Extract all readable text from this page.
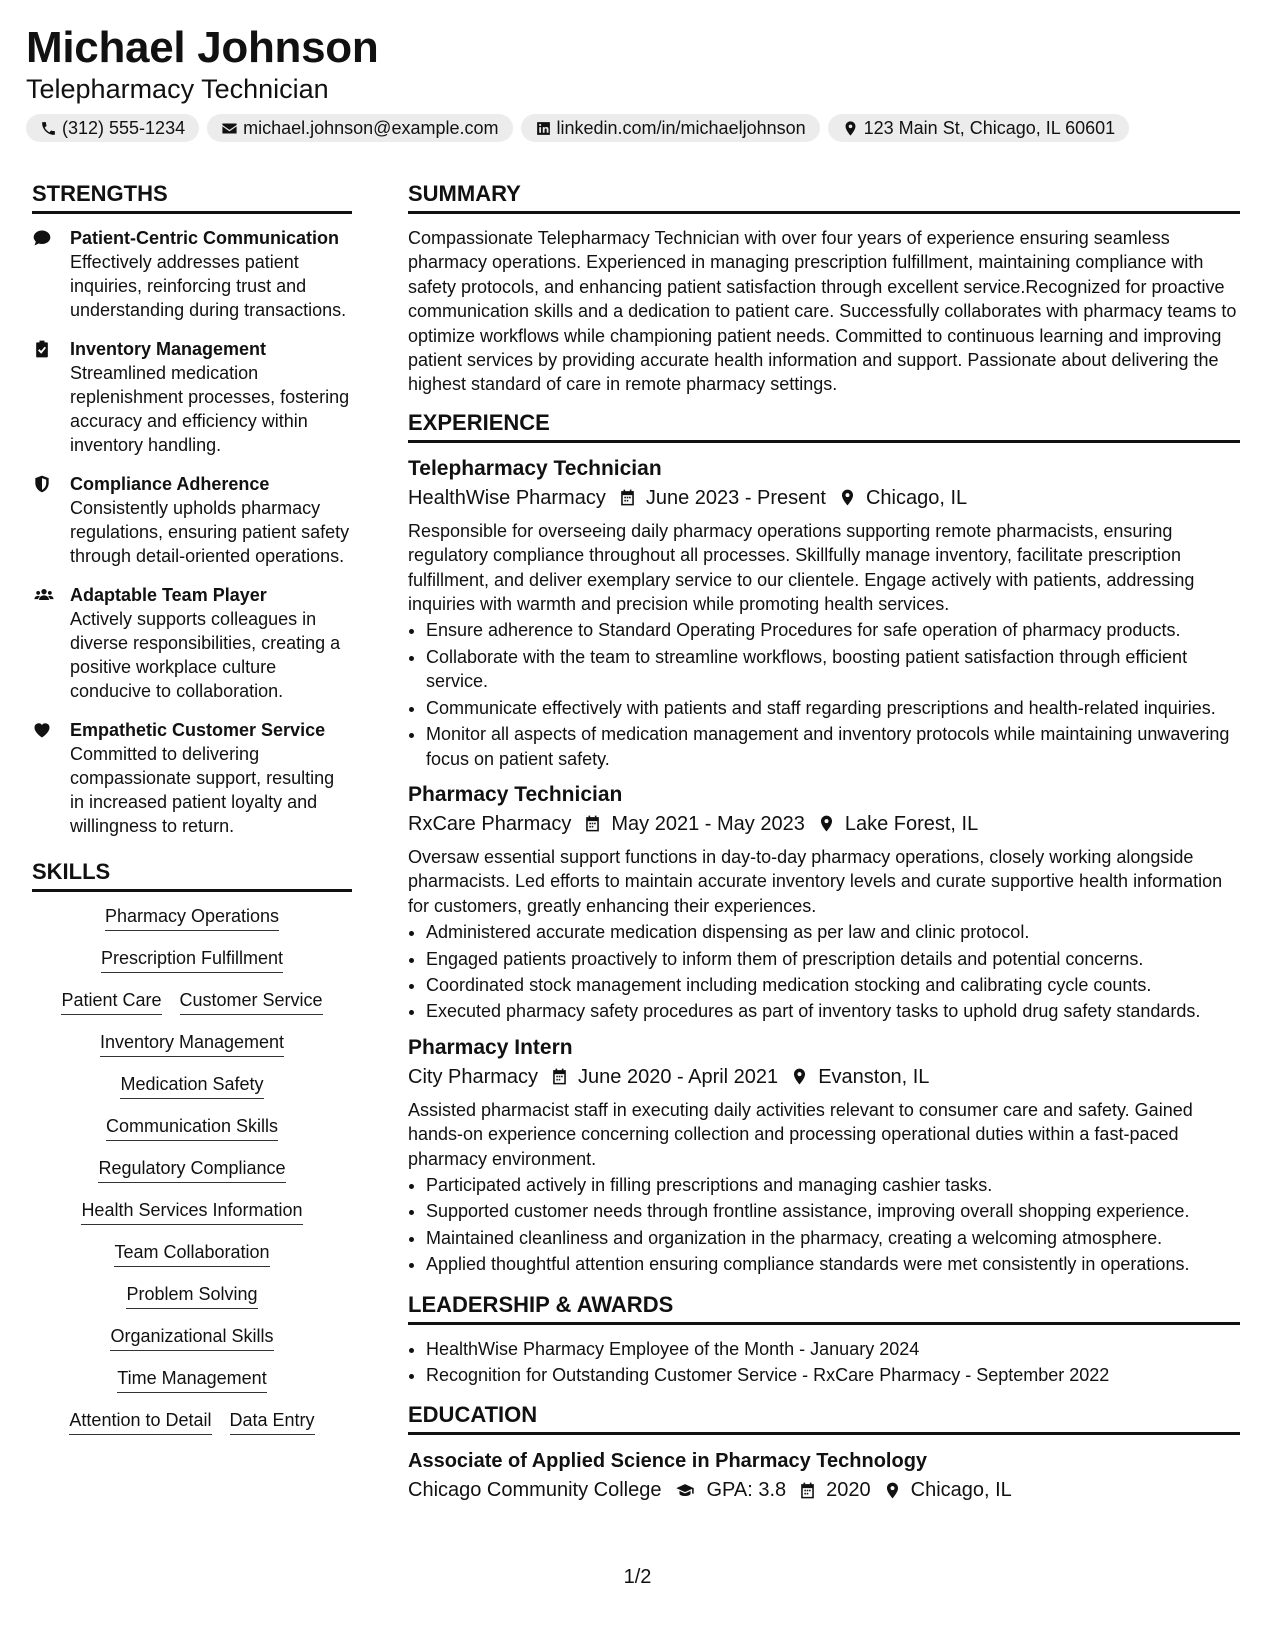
Michael Johnson
Telepharmacy Technician
(312) 555-1234	michael.johnson@example.com	linkedin.com/in/michaeljohnson	123 Main St, Chicago, IL 60601
STRENGTHS
Patient-Centric Communication
Effectively addresses patient inquiries, reinforcing trust and understanding during transactions.
Inventory Management
Streamlined medication replenishment processes, fostering accuracy and efficiency within inventory handling.
Compliance Adherence
Consistently upholds pharmacy regulations, ensuring patient safety through detail-oriented operations.
Adaptable Team Player
Actively supports colleagues in diverse responsibilities, creating a positive workplace culture conducive to collaboration.
Empathetic Customer Service
Committed to delivering compassionate support, resulting in increased patient loyalty and willingness to return.
SKILLS
Pharmacy Operations
Prescription Fulfillment
Patient Care Customer Service
Inventory Management
Medication Safety
Communication Skills
Regulatory Compliance
Health Services Information
Team Collaboration
Problem Solving
Organizational Skills
Time Management
Attention to Detail Data Entry
SUMMARY

Compassionate Telepharmacy Technician with over four years of experience ensuring seamless pharmacy operations. Experienced in managing prescription fulfillment, maintaining compliance with safety protocols, and enhancing patient satisfaction through excellent service.Recognized for proactive communication skills and a dedication to patient care. Successfully collaborates with pharmacy teams to optimize workflows while championing patient needs. Committed to continuous learning and improving patient services by providing accurate health information and support. Passionate about delivering the highest standard of care in remote pharmacy settings.

EXPERIENCE
Telepharmacy Technician
HealthWise Pharmacy June 2023 - Present Chicago, IL

Responsible for overseeing daily pharmacy operations supporting remote pharmacists, ensuring regulatory compliance throughout all processes. Skillfully manage inventory, facilitate prescription fulfillment, and deliver exemplary service to our clientele. Engage actively with patients, addressing inquiries with warmth and precision while promoting health services.

• Ensure adherence to Standard Operating Procedures for safe operation of pharmacy products.
• Collaborate with the team to streamline workflows, boosting patient satisfaction through efficient service.
• Communicate effectively with patients and staff regarding prescriptions and health-related inquiries.
• Monitor all aspects of medication management and inventory protocols while maintaining unwavering focus on patient safety.
Pharmacy Technician
RxCare Pharmacy May 2021 - May 2023 Lake Forest, IL

Oversaw essential support functions in day-to-day pharmacy operations, closely working alongside pharmacists. Led efforts to maintain accurate inventory levels and curate supportive health information for customers, greatly enhancing their experiences.

• Administered accurate medication dispensing as per law and clinic protocol.
• Engaged patients proactively to inform them of prescription details and potential concerns.
• Coordinated stock management including medication stocking and calibrating cycle counts.
• Executed pharmacy safety procedures as part of inventory tasks to uphold drug safety standards.
Pharmacy Intern
City Pharmacy June 2020 - April 2021 Evanston, IL

Assisted pharmacist staff in executing daily activities relevant to consumer care and safety. Gained hands-on experience concerning collection and processing operational duties within a fast-paced pharmacy environment.

• Participated actively in filling prescriptions and managing cashier tasks.
• Supported customer needs through frontline assistance, improving overall shopping experience.
• Maintained cleanliness and organization in the pharmacy, creating a welcoming atmosphere.
• Applied thoughtful attention ensuring compliance standards were met consistently in operations.
LEADERSHIP & AWARDS
• HealthWise Pharmacy Employee of the Month - January 2024
• Recognition for Outstanding Customer Service - RxCare Pharmacy - September 2022
EDUCATION
Associate of Applied Science in Pharmacy Technology
Chicago Community College GPA: 3.8 2020 Chicago, IL
1/2
